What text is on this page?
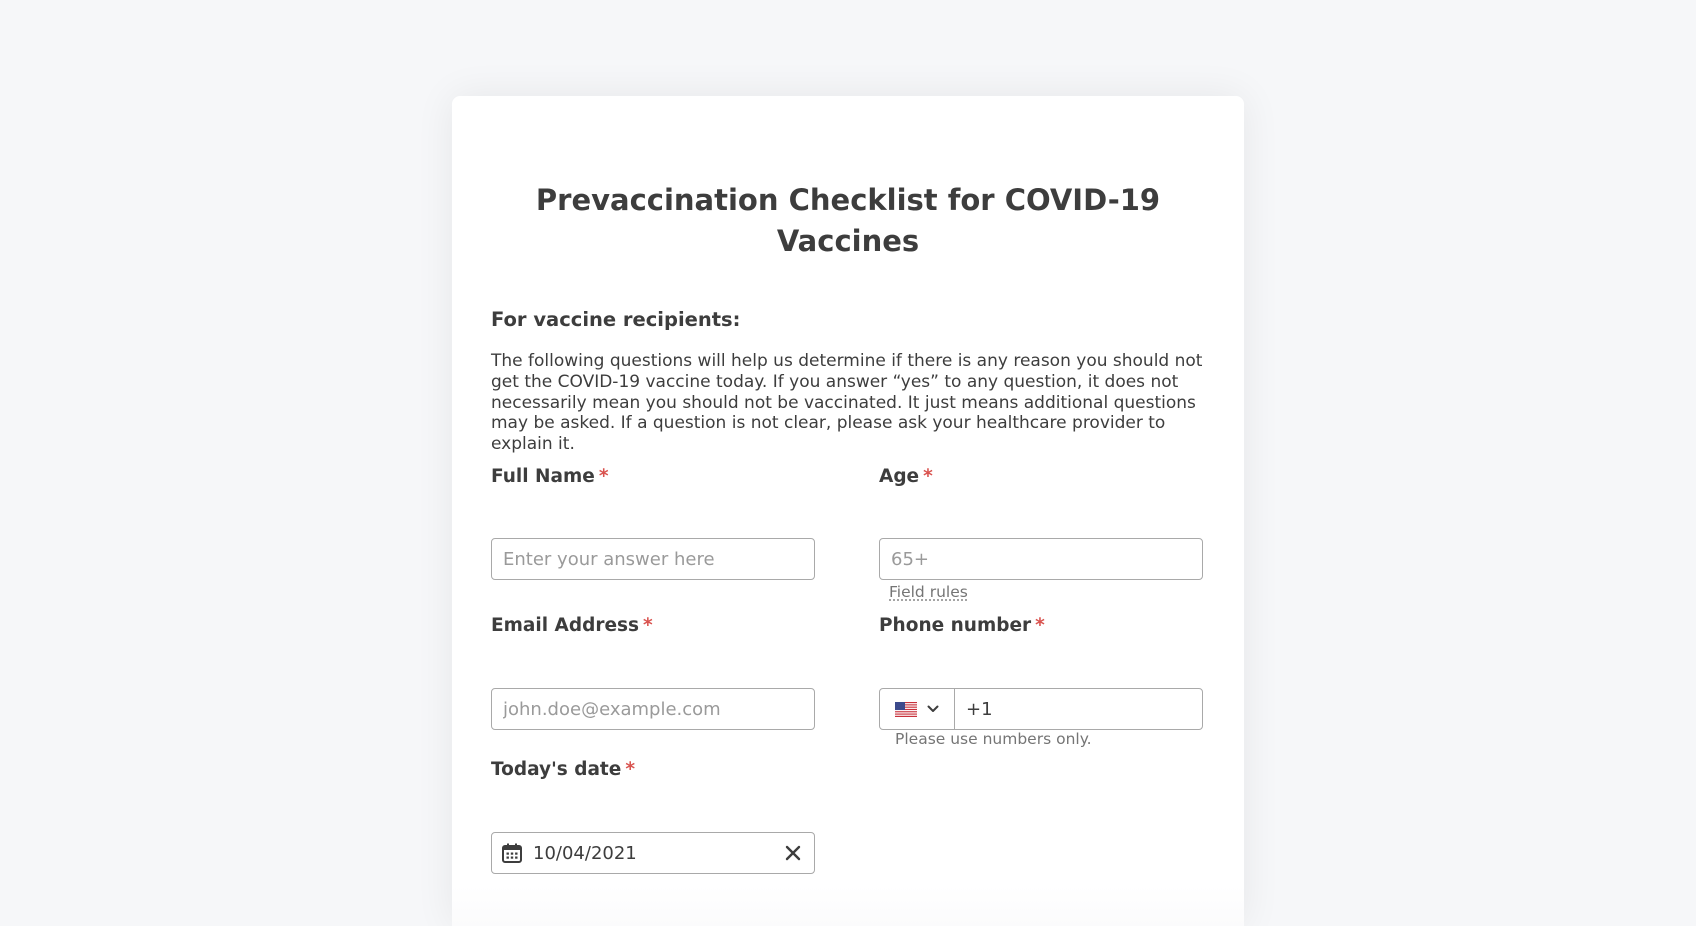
Prevaccination Checklist for COVID-19 Vaccines
For vaccine recipients:

The following questions will help us determine if there is any reason you should not get the COVID-19 vaccine today. If you answer “yes” to any question, it does not necessarily mean you should not be vaccinated. It just means additional questions may be asked. If a question is not clear, please ask your healthcare provider to explain it.

Full Name *
Enter your answer here	Age *
65+
Field rules
Email Address *
john.doe@example.com	Phone number *
+1
Please use numbers only.
Today's date *
10/04/2021
